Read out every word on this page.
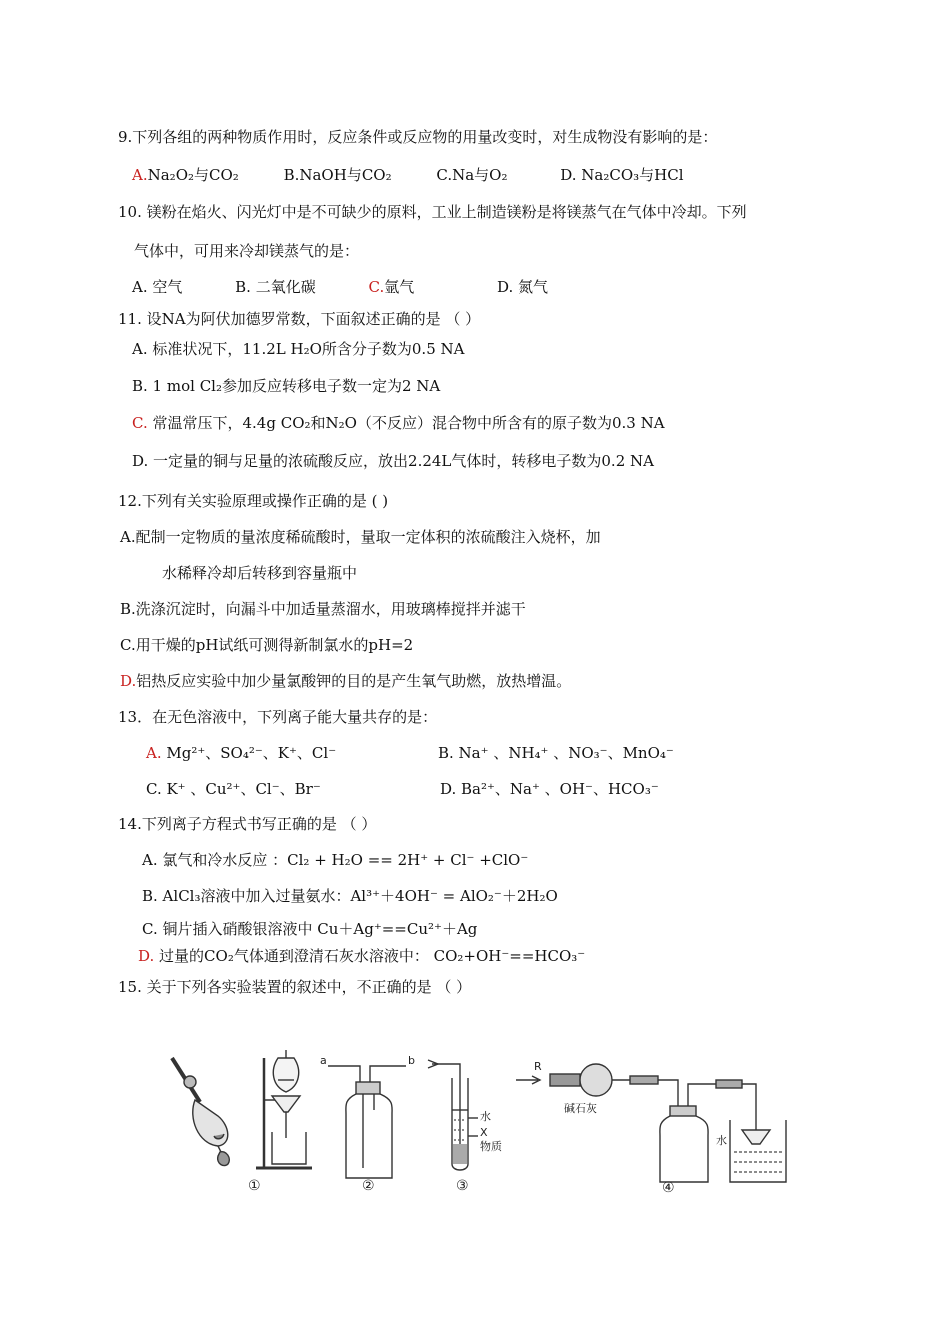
9.下列各组的两种物质作用时，反应条件或反应物的用量改变时，对生成物没有影响的是：
A.Na₂O₂与CO₂	B.NaOH与CO₂	C.Na与O₂	D. Na₂CO₃与HCl
10. 镁粉在焰火、闪光灯中是不可缺少的原料，工业上制造镁粉是将镁蒸气在气体中冷却。下列
气体中，可用来冷却镁蒸气的是：
A. 空气	B. 二氧化碳	C.氩气	D. 氮气
11. 设NA为阿伏加德罗常数，下面叙述正确的是 （ ）
A. 标准状况下，11.2L H₂O所含分子数为0.5 NA
B. 1 mol Cl₂参加反应转移电子数一定为2 NA
C. 常温常压下，4.4g CO₂和N₂O（不反应）混合物中所含有的原子数为0.3 NA
D. 一定量的铜与足量的浓硫酸反应，放出2.24L气体时，转移电子数为0.2 NA
12.下列有关实验原理或操作正确的是 ( )
A.配制一定物质的量浓度稀硫酸时，量取一定体积的浓硫酸注入烧杯，加
水稀释冷却后转移到容量瓶中
B.洗涤沉淀时，向漏斗中加适量蒸溜水，用玻璃棒搅拌并滤干
C.用干燥的pH试纸可测得新制氯水的pH=2
D.铝热反应实验中加少量氯酸钾的目的是产生氧气助燃，放热增温。
13．在无色溶液中，下列离子能大量共存的是：
A. Mg²⁺、SO₄²⁻、K⁺、Cl⁻	B. Na⁺ 、NH₄⁺ 、NO₃⁻、MnO₄⁻
C. K⁺ 、Cu²⁺、Cl⁻、Br⁻	D. Ba²⁺、Na⁺ 、OH⁻、HCO₃⁻
14.下列离子方程式书写正确的是 （ ）
A. 氯气和冷水反应 ：Cl₂ + H₂O == 2H⁺ + Cl⁻ +ClO⁻
B. AlCl₃溶液中加入过量氨水：Al³⁺＋4OH⁻ = AlO₂⁻＋2H₂O
C. 铜片插入硝酸银溶液中 Cu＋Ag⁺==Cu²⁺＋Ag
D. 过量的CO₂气体通到澄清石灰水溶液中： CO₂+OH⁻==HCO₃⁻
15. 关于下列各实验装置的叙述中，不正确的是 （ ）
a	b
水
X
物质
R
碱石灰
水
①	②	③	④
